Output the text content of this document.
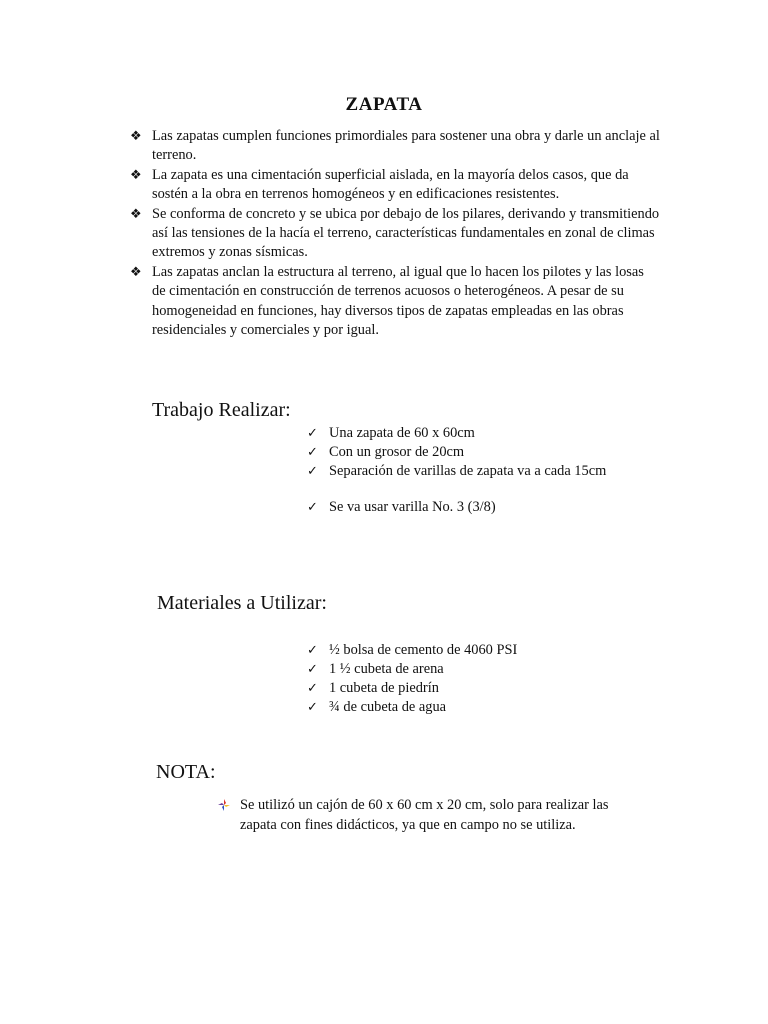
ZAPATA
❖ Las zapatas cumplen funciones primordiales para sostener una obra y darle un anclaje al terreno.
❖ La zapata es una cimentación superficial aislada, en la mayoría delos casos, que da sostén a la obra en terrenos homogéneos y en edificaciones resistentes.
❖ Se conforma de concreto y se ubica por debajo de los pilares, derivando y transmitiendo así las tensiones de la hacía el terreno, características fundamentales en zonal de climas extremos y zonas sísmicas.
❖ Las zapatas anclan la estructura al terreno, al igual que lo hacen los pilotes y las losas de cimentación en construcción de terrenos acuosos o heterogéneos. A pesar de su homogeneidad en funciones, hay diversos tipos de zapatas empleadas en las obras residenciales y comerciales y por igual.
Trabajo Realizar:
✓ Una zapata de 60 x 60cm
✓ Con un grosor de 20cm
✓ Separación de varillas de zapata va a cada 15cm
✓ Se va usar varilla No. 3 (3/8)
Materiales a Utilizar:
✓ ½ bolsa de cemento de 4060 PSI
✓ 1 ½ cubeta de arena
✓ 1 cubeta de piedrín
✓ ¾ de cubeta de agua
NOTA:
Se utilizó un cajón de 60 x 60 cm x 20 cm, solo para realizar las zapata con fines didácticos, ya que en campo no se utiliza.
